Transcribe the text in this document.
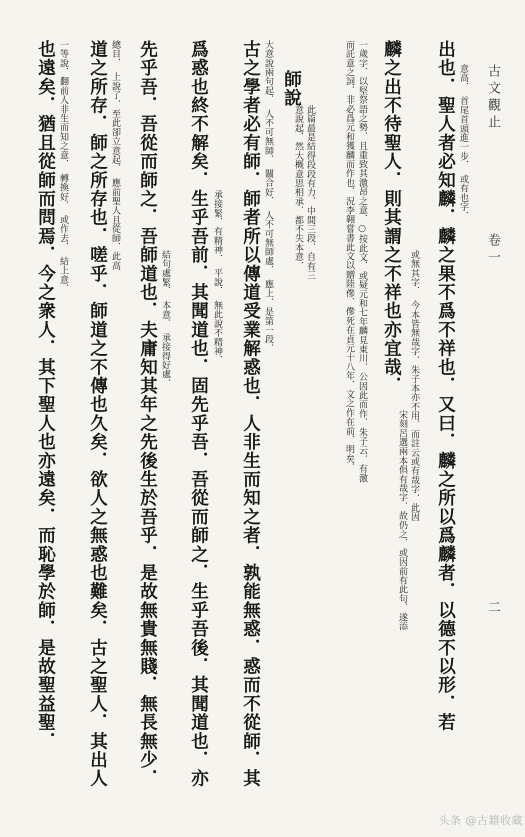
古文觀止
卷一
二
出也．聖人者必知麟．麟之果不爲不祥也．又曰．麟之所以爲麟者．以德不以形．若 意高．　首尾首頭進一步．　或有也字．
麟之出不待聖人．則其謂之不祥也亦宜哉． 或無其字．　今本皆無哉字．朱子本亦不用．而註云或有哉字．此因
宋刻呂選兩本俱有哉字．故仍之．或因前有此句．遂添
一歲字．以堅祭語之勢．且重致其激昂之意．○按此文．或疑元和七年麟見東川．公因此而作．朱子云．有激
而託意之詞．非必爲元和獲麟而作也．況李翱嘗書此文以贈陸傪．傪死在貞元十八年．文之作在前．明矣．
師說
此篇最是結得段段有力．中間三段．自有三
意說起．然大概意思相承．都不失本意．
古之學者必有師．師者所以傳道受業解惑也．人非生而知之者．孰能無惑．惑而不從師．其 大意說兩句起．　人不可無師．　關合好．　人不可無師處．　應上．是第一段．
爲惑也終不解矣．生乎吾前．其聞道也．固先乎吾．吾從而師之．生乎吾後．其聞道也．亦 承接緊．有精神．　平說．　無此說不精神．
先乎吾．吾從而師之．吾師道也．夫庸知其年之先後生於吾乎．是故無貴無賤．無長無少． 結句處緊．　本意．　承接得好處．
道之所存．師之所存也．嗟乎．師道之不傳也久矣．欲人之無惑也難矣．古之聖人．其出人 總目．　上說了．至此卻立意起．　應前聖人且從師．此高
也遠矣．猶且從師而問焉．今之衆人．其下聖人也亦遠矣．而恥學於師．是故聖益聖． 一等說．翻前人非生而知之意．　轉換好．　或作去．　結上意．
头条 @古籍收藏
